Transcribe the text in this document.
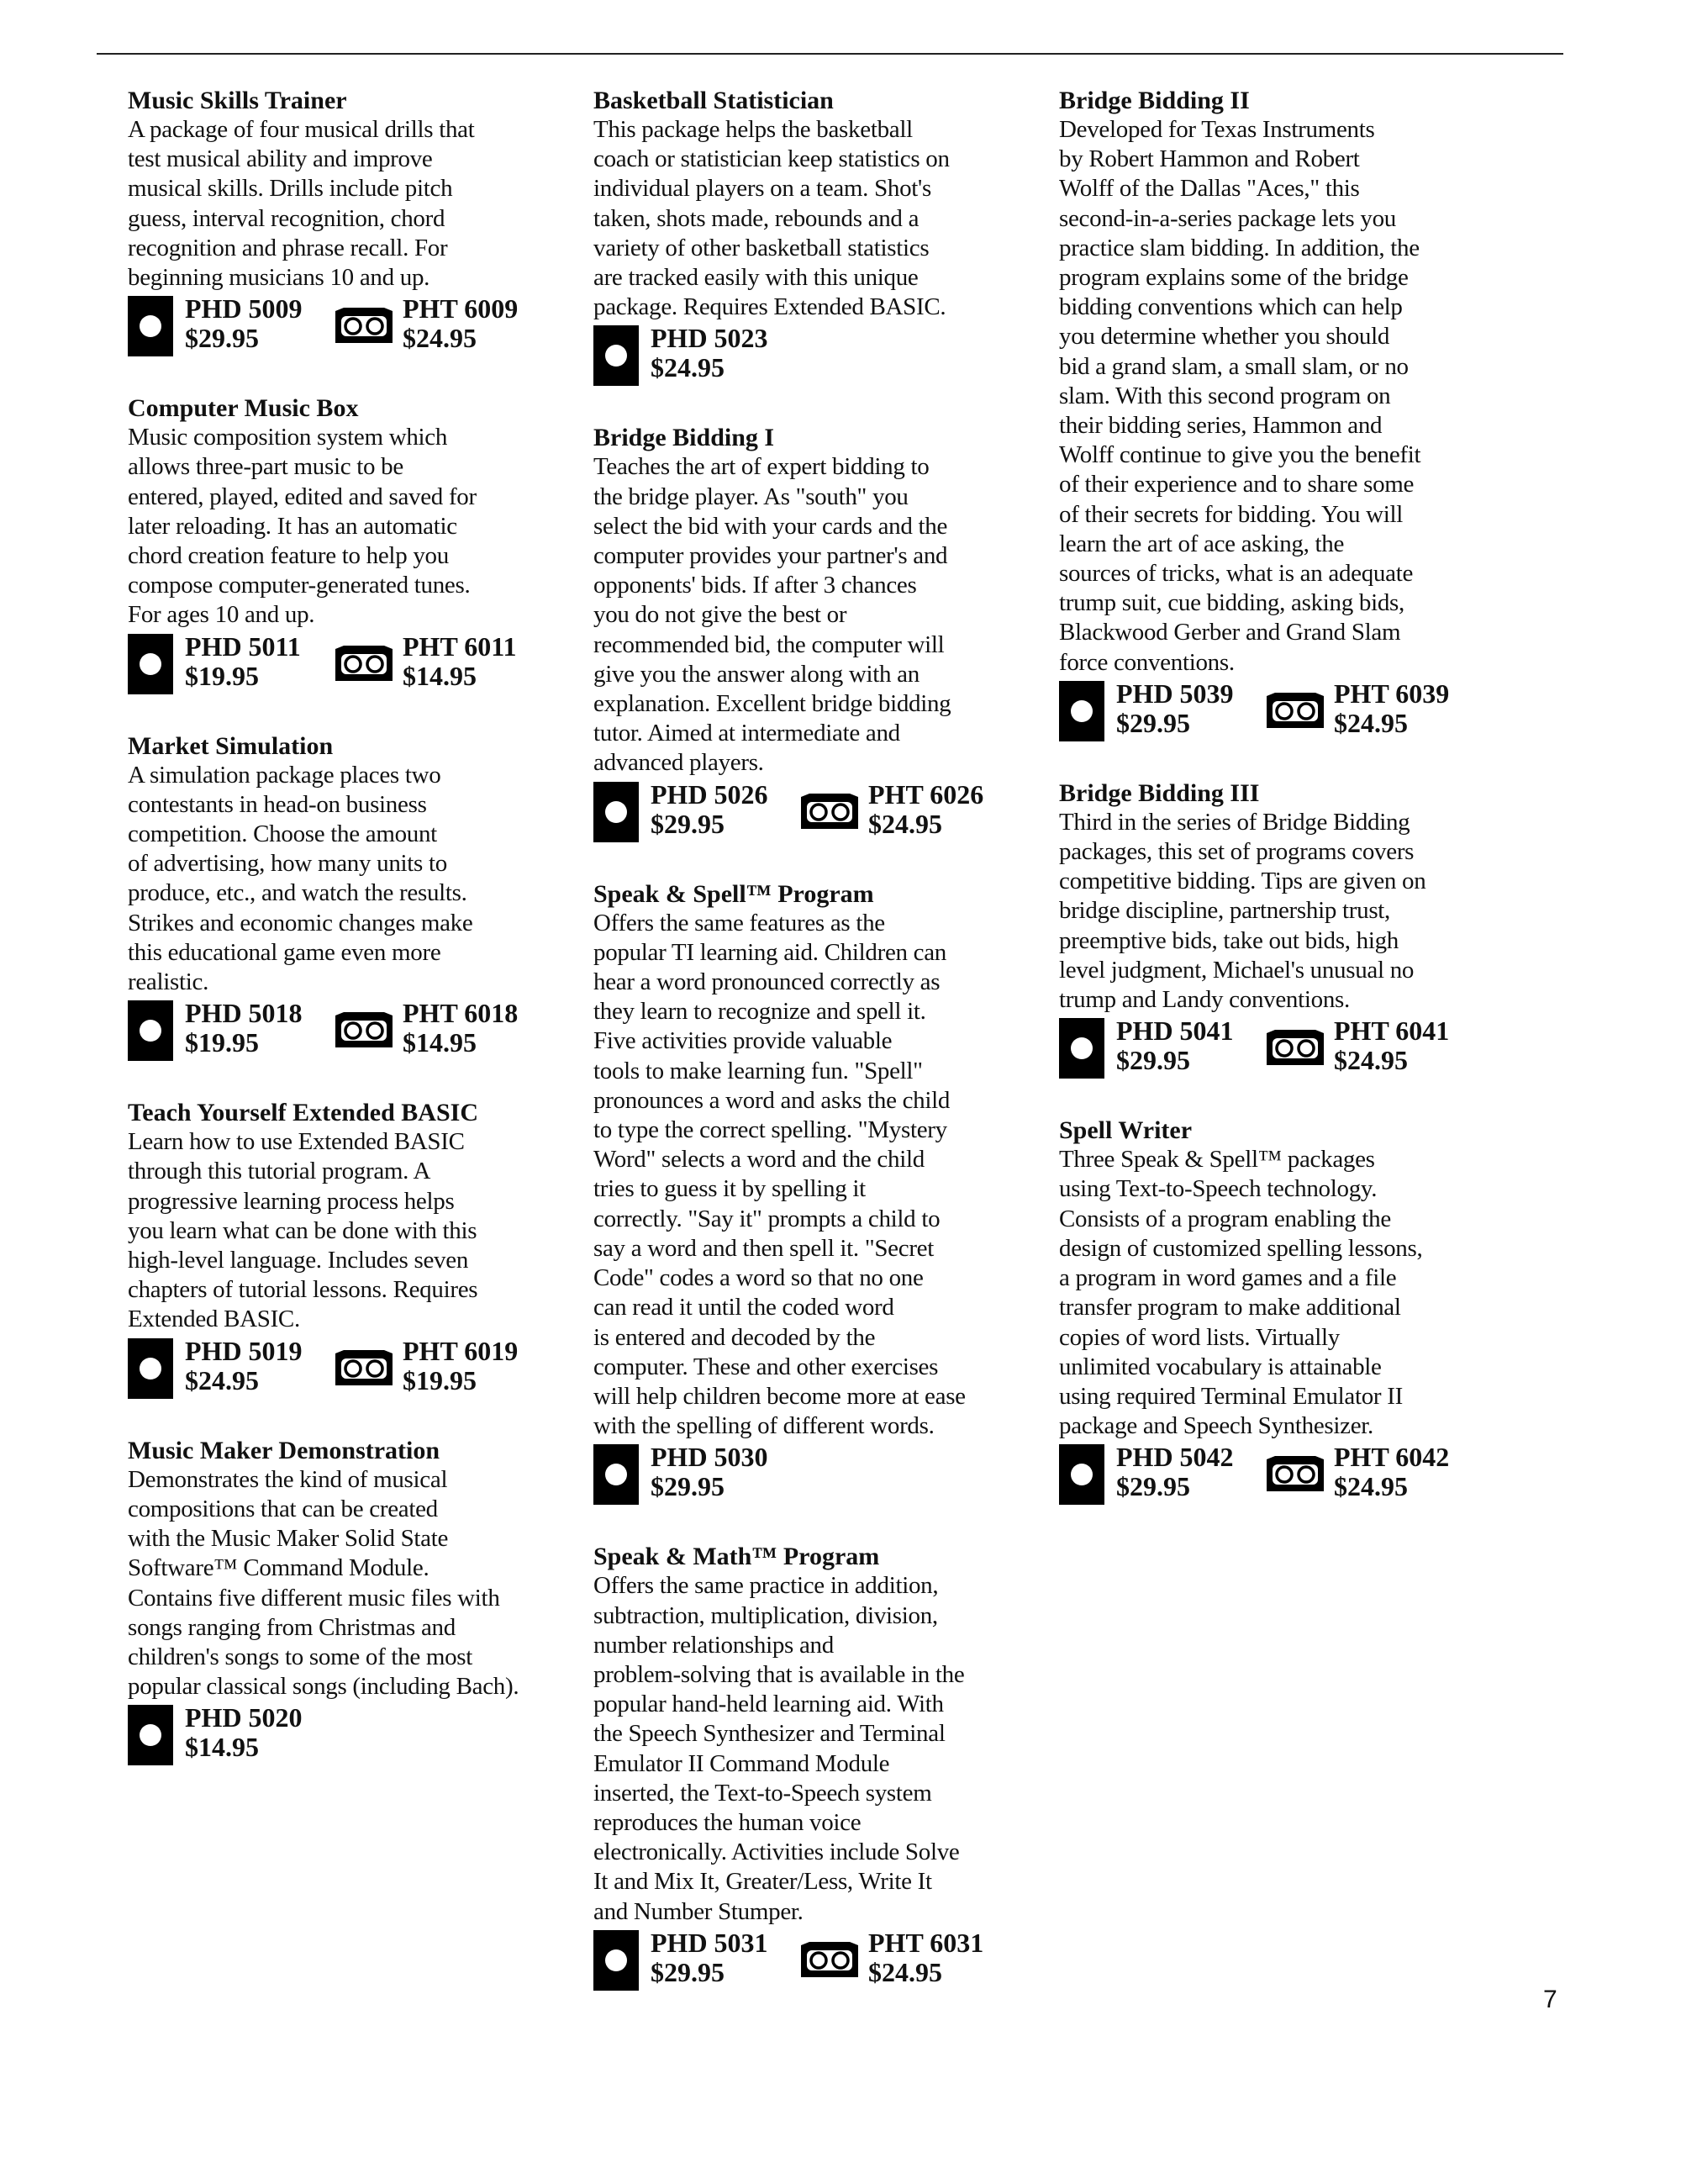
Music Skills Trainer
A package of four musical drills that
test musical ability and improve
musical skills. Drills include pitch
guess, interval recognition, chord
recognition and phrase recall. For
beginning musicians 10 and up.
PHD 5009
$29.95
PHT 6009
$24.95
Computer Music Box
Music composition system which
allows three-part music to be
entered, played, edited and saved for
later reloading. It has an automatic
chord creation feature to help you
compose computer-generated tunes.
For ages 10 and up.
PHD 5011
$19.95
PHT 6011
$14.95
Market Simulation
A simulation package places two
contestants in head-on business
competition. Choose the amount
of advertising, how many units to
produce, etc., and watch the results.
Strikes and economic changes make
this educational game even more
realistic.
PHD 5018
$19.95
PHT 6018
$14.95
Teach Yourself Extended BASIC
Learn how to use Extended BASIC
through this tutorial program. A
progressive learning process helps
you learn what can be done with this
high-level language. Includes seven
chapters of tutorial lessons. Requires
Extended BASIC.
PHD 5019
$24.95
PHT 6019
$19.95
Music Maker Demonstration
Demonstrates the kind of musical
compositions that can be created
with the Music Maker Solid State
Software™ Command Module.
Contains five different music files with
songs ranging from Christmas and
children's songs to some of the most
popular classical songs (including Bach).
PHD 5020
$14.95
Basketball Statistician
This package helps the basketball
coach or statistician keep statistics on
individual players on a team. Shot's
taken, shots made, rebounds and a
variety of other basketball statistics
are tracked easily with this unique
package. Requires Extended BASIC.
PHD 5023
$24.95
Bridge Bidding I
Teaches the art of expert bidding to
the bridge player. As "south" you
select the bid with your cards and the
computer provides your partner's and
opponents' bids. If after 3 chances
you do not give the best or
recommended bid, the computer will
give you the answer along with an
explanation. Excellent bridge bidding
tutor. Aimed at intermediate and
advanced players.
PHD 5026
$29.95
PHT 6026
$24.95
Speak & Spell™ Program
Offers the same features as the
popular TI learning aid. Children can
hear a word pronounced correctly as
they learn to recognize and spell it.
Five activities provide valuable
tools to make learning fun. "Spell"
pronounces a word and asks the child
to type the correct spelling. "Mystery
Word" selects a word and the child
tries to guess it by spelling it
correctly. "Say it" prompts a child to
say a word and then spell it. "Secret
Code" codes a word so that no one
can read it until the coded word
is entered and decoded by the
computer. These and other exercises
will help children become more at ease
with the spelling of different words.
PHD 5030
$29.95
Speak & Math™ Program
Offers the same practice in addition,
subtraction, multiplication, division,
number relationships and
problem-solving that is available in the
popular hand-held learning aid. With
the Speech Synthesizer and Terminal
Emulator II Command Module
inserted, the Text-to-Speech system
reproduces the human voice
electronically. Activities include Solve
It and Mix It, Greater/Less, Write It
and Number Stumper.
PHD 5031
$29.95
PHT 6031
$24.95
Bridge Bidding II
Developed for Texas Instruments
by Robert Hammon and Robert
Wolff of the Dallas "Aces," this
second-in-a-series package lets you
practice slam bidding. In addition, the
program explains some of the bridge
bidding conventions which can help
you determine whether you should
bid a grand slam, a small slam, or no
slam. With this second program on
their bidding series, Hammon and
Wolff continue to give you the benefit
of their experience and to share some
of their secrets for bidding. You will
learn the art of ace asking, the
sources of tricks, what is an adequate
trump suit, cue bidding, asking bids,
Blackwood Gerber and Grand Slam
force conventions.
PHD 5039
$29.95
PHT 6039
$24.95
Bridge Bidding III
Third in the series of Bridge Bidding
packages, this set of programs covers
competitive bidding. Tips are given on
bridge discipline, partnership trust,
preemptive bids, take out bids, high
level judgment, Michael's unusual no
trump and Landy conventions.
PHD 5041
$29.95
PHT 6041
$24.95
Spell Writer
Three Speak & Spell™ packages
using Text-to-Speech technology.
Consists of a program enabling the
design of customized spelling lessons,
a program in word games and a file
transfer program to make additional
copies of word lists. Virtually
unlimited vocabulary is attainable
using required Terminal Emulator II
package and Speech Synthesizer.
PHD 5042
$29.95
PHT 6042
$24.95
7
